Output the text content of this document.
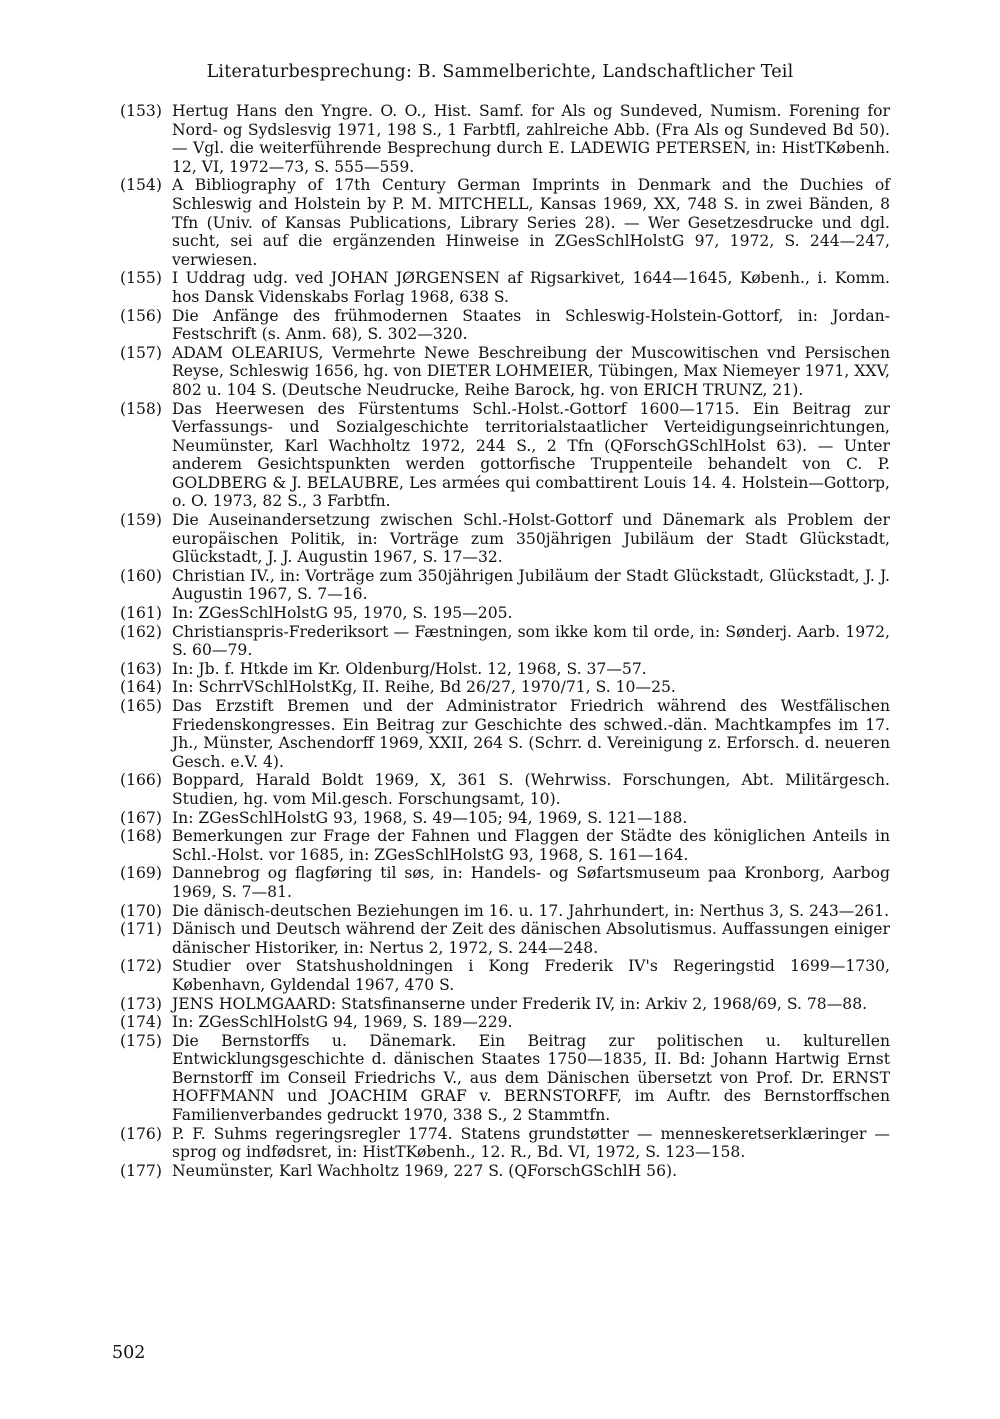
Literaturbesprechung: B. Sammelberichte, Landschaftlicher Teil
(153) Hertug Hans den Yngre. O. O., Hist. Samf. for Als og Sundeved, Numism. Forening for Nord- og Sydslesvig 1971, 198 S., 1 Farbtfl, zahlreiche Abb. (Fra Als og Sundeved Bd 50). — Vgl. die weiterführende Besprechung durch E. LADEWIG PETERSEN, in: HistTKøbenh. 12, VI, 1972—73, S. 555—559.
(154) A Bibliography of 17th Century German Imprints in Denmark and the Duchies of Schleswig and Holstein by P. M. MITCHELL, Kansas 1969, XX, 748 S. in zwei Bänden, 8 Tfn (Univ. of Kansas Publications, Library Series 28). — Wer Gesetzesdrucke und dgl. sucht, sei auf die ergänzenden Hinweise in ZGesSchlHolstG 97, 1972, S. 244—247, verwiesen.
(155) I Uddrag udg. ved JOHAN JØRGENSEN af Rigsarkivet, 1644—1645, Københ., i. Komm. hos Dansk Videnskabs Forlag 1968, 638 S.
(156) Die Anfänge des frühmodernen Staates in Schleswig-Holstein-Gottorf, in: Jordan-Festschrift (s. Anm. 68), S. 302—320.
(157) ADAM OLEARIUS, Vermehrte Newe Beschreibung der Muscowitischen vnd Persischen Reyse, Schleswig 1656, hg. von DIETER LOHMEIER, Tübingen, Max Niemeyer 1971, XXV, 802 u. 104 S. (Deutsche Neudrucke, Reihe Barock, hg. von ERICH TRUNZ, 21).
(158) Das Heerwesen des Fürstentums Schl.-Holst.-Gottorf 1600—1715. Ein Beitrag zur Verfassungs- und Sozialgeschichte territorialstaatlicher Verteidigungseinrichtungen, Neumünster, Karl Wachholtz 1972, 244 S., 2 Tfn (QForschGSchlHolst 63). — Unter anderem Gesichtspunkten werden gottorfische Truppenteile behandelt von C. P. GOLDBERG & J. BELAUBRE, Les armées qui combattirent Louis 14. 4. Holstein—Gottorp, o. O. 1973, 82 S., 3 Farbtfn.
(159) Die Auseinandersetzung zwischen Schl.-Holst-Gottorf und Dänemark als Problem der europäischen Politik, in: Vorträge zum 350jährigen Jubiläum der Stadt Glückstadt, Glückstadt, J. J. Augustin 1967, S. 17—32.
(160) Christian IV., in: Vorträge zum 350jährigen Jubiläum der Stadt Glückstadt, Glückstadt, J. J. Augustin 1967, S. 7—16.
(161) In: ZGesSchlHolstG 95, 1970, S. 195—205.
(162) Christianspris-Frederiksort — Fæstningen, som ikke kom til orde, in: Sønderj. Aarb. 1972, S. 60—79.
(163) In: Jb. f. Htkde im Kr. Oldenburg/Holst. 12, 1968, S. 37—57.
(164) In: SchrrVSchlHolstKg, II. Reihe, Bd 26/27, 1970/71, S. 10—25.
(165) Das Erzstift Bremen und der Administrator Friedrich während des Westfälischen Friedenskongresses. Ein Beitrag zur Geschichte des schwed.-dän. Machtkampfes im 17. Jh., Münster, Aschendorff 1969, XXII, 264 S. (Schrr. d. Vereinigung z. Erforsch. d. neueren Gesch. e.V. 4).
(166) Boppard, Harald Boldt 1969, X, 361 S. (Wehrwiss. Forschungen, Abt. Militärgesch. Studien, hg. vom Mil.gesch. Forschungsamt, 10).
(167) In: ZGesSchlHolstG 93, 1968, S. 49—105; 94, 1969, S. 121—188.
(168) Bemerkungen zur Frage der Fahnen und Flaggen der Städte des königlichen Anteils in Schl.-Holst. vor 1685, in: ZGesSchlHolstG 93, 1968, S. 161—164.
(169) Dannebrog og flagføring til søs, in: Handels- og Søfartsmuseum paa Kronborg, Aarbog 1969, S. 7—81.
(170) Die dänisch-deutschen Beziehungen im 16. u. 17. Jahrhundert, in: Nerthus 3, S. 243—261.
(171) Dänisch und Deutsch während der Zeit des dänischen Absolutismus. Auffassungen einiger dänischer Historiker, in: Nertus 2, 1972, S. 244—248.
(172) Studier over Statshusholdningen i Kong Frederik IV's Regeringstid 1699—1730, København, Gyldendal 1967, 470 S.
(173) JENS HOLMGAARD: Statsfinanserne under Frederik IV, in: Arkiv 2, 1968/69, S. 78—88.
(174) In: ZGesSchlHolstG 94, 1969, S. 189—229.
(175) Die Bernstorffs u. Dänemark. Ein Beitrag zur politischen u. kulturellen Entwicklungsgeschichte d. dänischen Staates 1750—1835, II. Bd: Johann Hartwig Ernst Bernstorff im Conseil Friedrichs V., aus dem Dänischen übersetzt von Prof. Dr. ERNST HOFFMANN und JOACHIM GRAF v. BERNSTORFF, im Auftr. des Bernstorffschen Familienverbandes gedruckt 1970, 338 S., 2 Stammtfn.
(176) P. F. Suhms regeringsregler 1774. Statens grundstøtter — menneskeretserklæringer — sprog og indfødsret, in: HistTKøbenh., 12. R., Bd. VI, 1972, S. 123—158.
(177) Neumünster, Karl Wachholtz 1969, 227 S. (QForschGSchlH 56).
502
